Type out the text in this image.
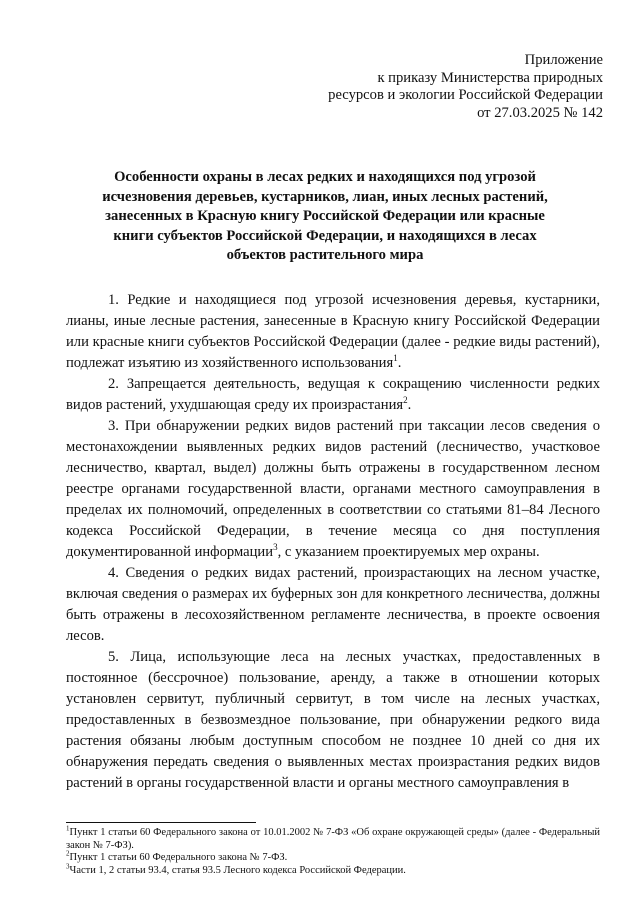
Приложение
к приказу Министерства природных
ресурсов и экологии Российской Федерации
от 27.03.2025 № 142
Особенности охраны в лесах редких и находящихся под угрозой исчезновения деревьев, кустарников, лиан, иных лесных растений, занесенных в Красную книгу Российской Федерации или красные книги субъектов Российской Федерации, и находящихся в лесах объектов растительного мира

1. Редкие и находящиеся под угрозой исчезновения деревья, кустарники, лианы, иные лесные растения, занесенные в Красную книгу Российской Федерации или красные книги субъектов Российской Федерации (далее - редкие виды растений), подлежат изъятию из хозяйственного использования$^1$.

2. Запрещается деятельность, ведущая к сокращению численности редких видов растений, ухудшающая среду их произрастания$^2$.

3. При обнаружении редких видов растений при таксации лесов сведения о местонахождении выявленных редких видов растений (лесничество, участковое лесничество, квартал, выдел) должны быть отражены в государственном лесном реестре органами государственной власти, органами местного самоуправления в пределах их полномочий, определенных в соответствии со статьями 81–84 Лесного кодекса Российской Федерации, в течение месяца со дня поступления документированной информации$^3$, с указанием проектируемых мер охраны.

4. Сведения о редких видах растений, произрастающих на лесном участке, включая сведения о размерах их буферных зон для конкретного лесничества, должны быть отражены в лесохозяйственном регламенте лесничества, в проекте освоения лесов.

5. Лица, использующие леса на лесных участках, предоставленных в постоянное (бессрочное) пользование, аренду, а также в отношении которых установлен сервитут, публичный сервитут, в том числе на лесных участках, предоставленных в безвозмездное пользование, при обнаружении редкого вида растения обязаны любым доступным способом не позднее 10 дней со дня их обнаружения передать сведения о выявленных местах произрастания редких видов растений в органы государственной власти и органы местного самоуправления в

$^1$Пункт 1 статьи 60 Федерального закона от 10.01.2002 № 7-ФЗ «Об охране окружающей среды» (далее - Федеральный закон № 7-ФЗ).

$^2$Пункт 1 статьи 60 Федерального закона № 7-ФЗ.

$^3$Части 1, 2 статьи 93.4, статья 93.5 Лесного кодекса Российской Федерации.
